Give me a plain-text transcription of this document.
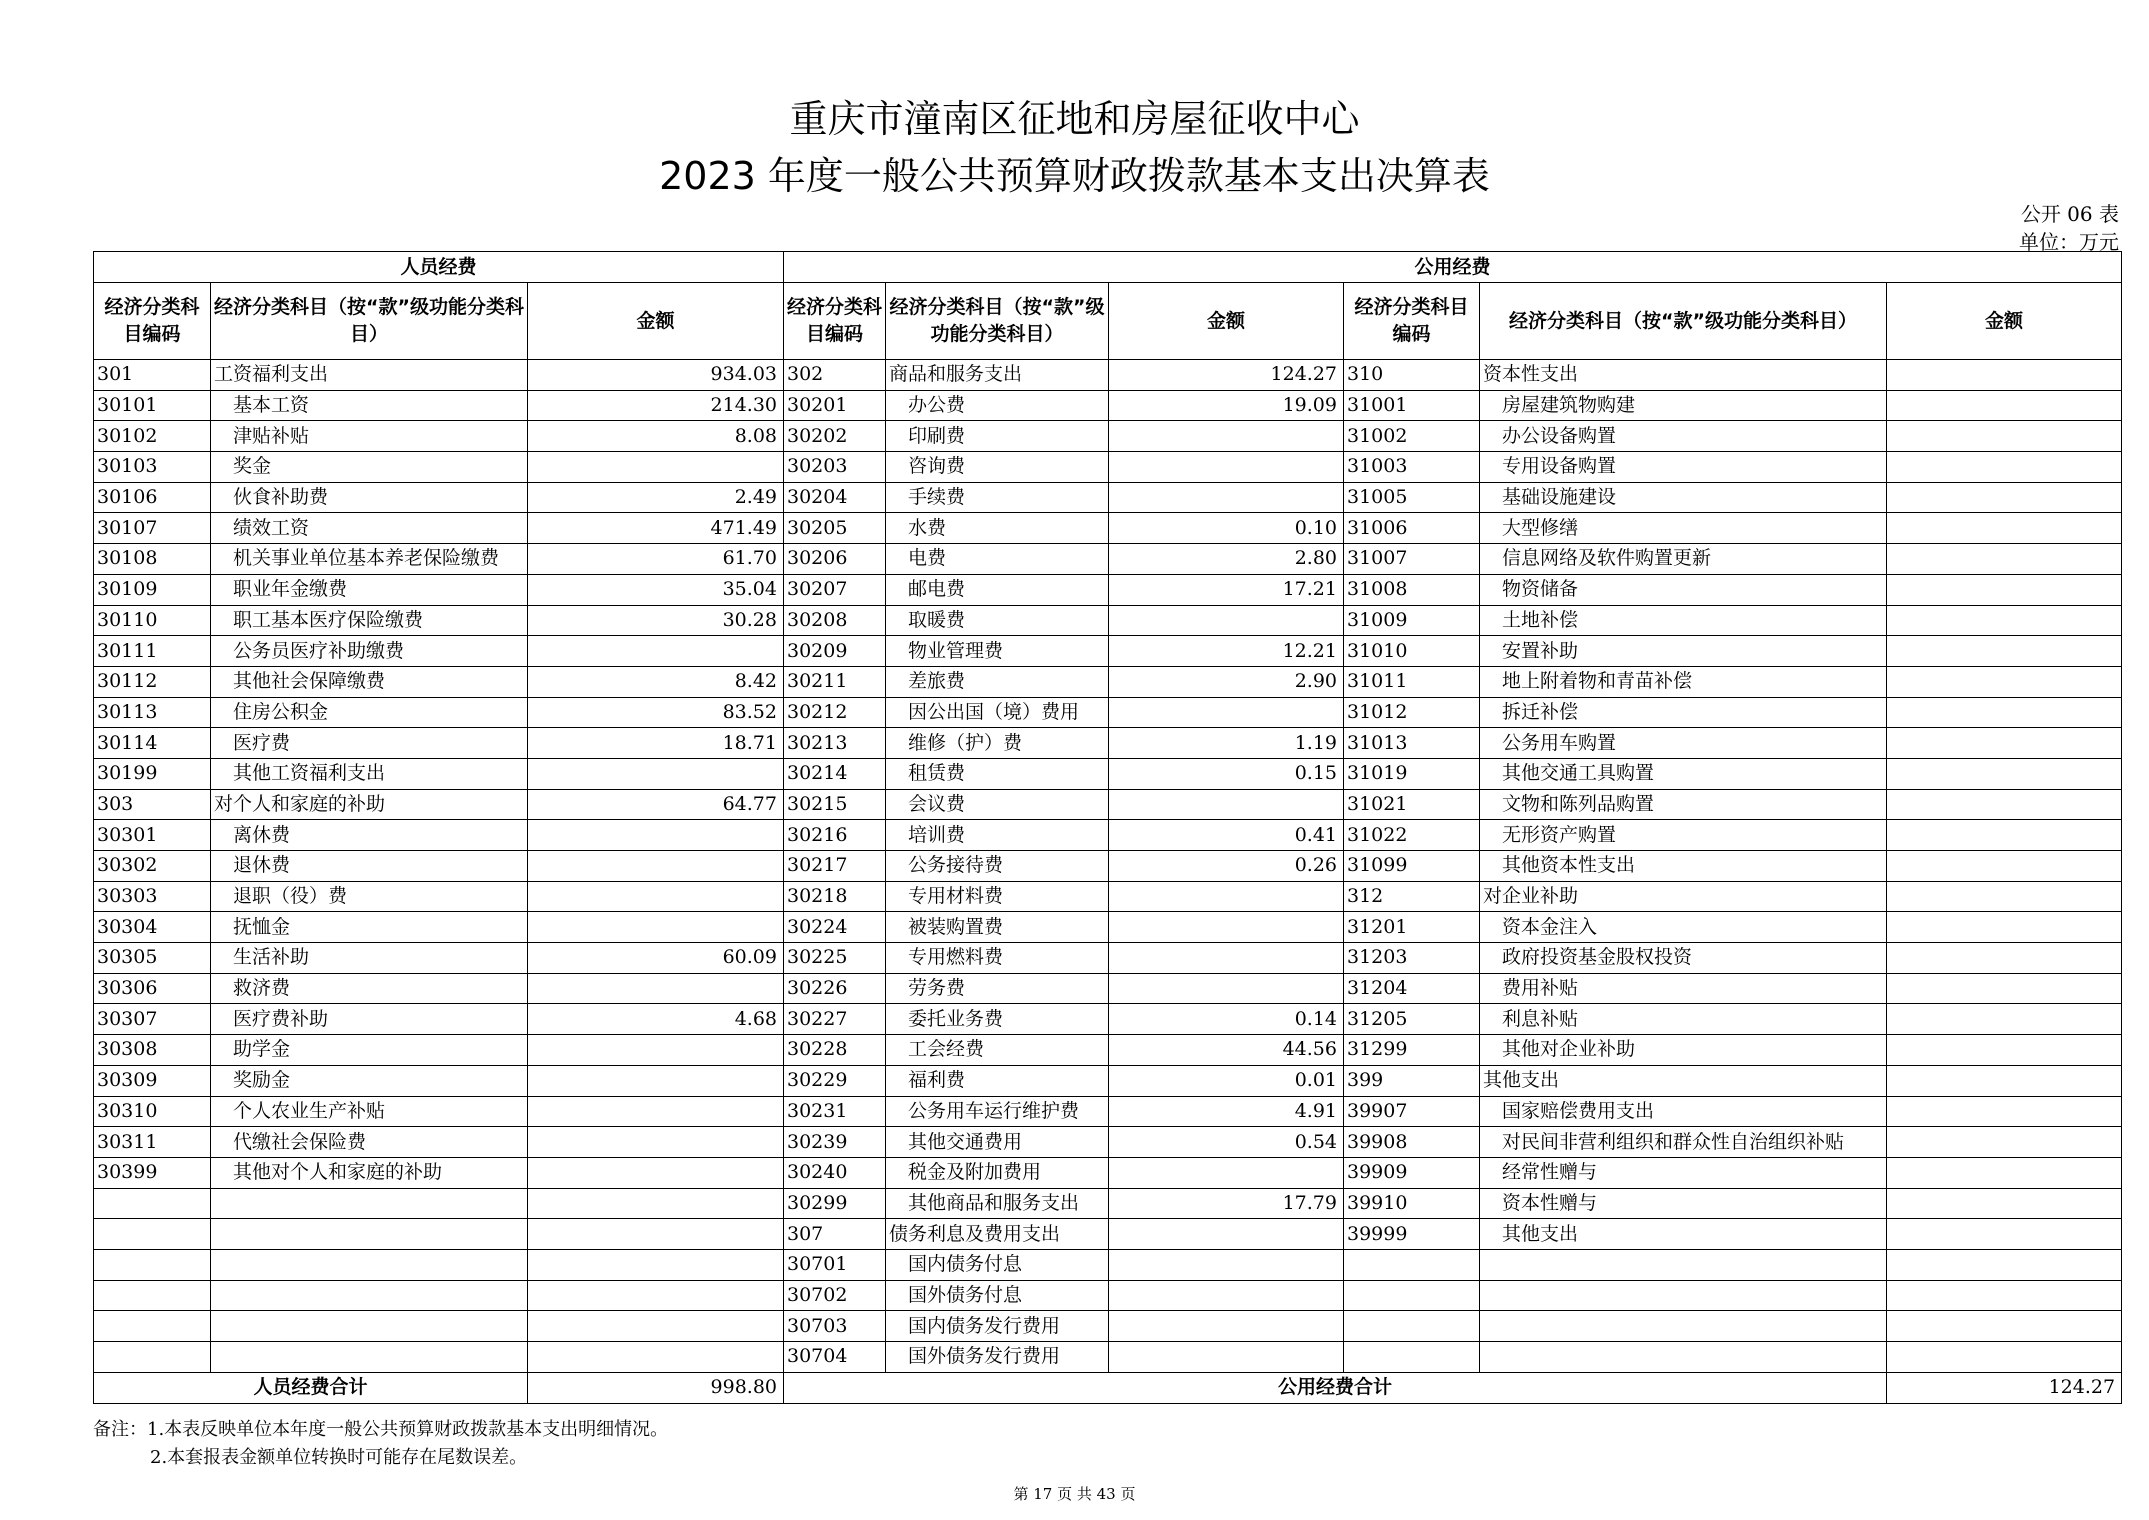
重庆市潼南区征地和房屋征收中心
2023 年度一般公共预算财政拨款基本支出决算表
公开 06 表
单位：万元
人员经费			公用经费					
经济分类科目编码	经济分类科目（按“款”级功能分类科目）	金额	经济分类科目编码	经济分类科目（按“款”级功能分类科目）	金额	经济分类科目编码	经济分类科目（按“款”级功能分类科目）	金额
301	工资福利支出	934.03	302	商品和服务支出	124.27	310	资本性支出	
30101	基本工资	214.30	30201	办公费	19.09	31001	房屋建筑物购建	
30102	津贴补贴	8.08	30202	印刷费		31002	办公设备购置	
30103	奖金		30203	咨询费		31003	专用设备购置	
30106	伙食补助费	2.49	30204	手续费		31005	基础设施建设	
30107	绩效工资	471.49	30205	水费	0.10	31006	大型修缮	
30108	机关事业单位基本养老保险缴费	61.70	30206	电费	2.80	31007	信息网络及软件购置更新	
30109	职业年金缴费	35.04	30207	邮电费	17.21	31008	物资储备	
30110	职工基本医疗保险缴费	30.28	30208	取暖费		31009	土地补偿	
30111	公务员医疗补助缴费		30209	物业管理费	12.21	31010	安置补助	
30112	其他社会保障缴费	8.42	30211	差旅费	2.90	31011	地上附着物和青苗补偿	
30113	住房公积金	83.52	30212	因公出国（境）费用		31012	拆迁补偿	
30114	医疗费	18.71	30213	维修（护）费	1.19	31013	公务用车购置	
30199	其他工资福利支出		30214	租赁费	0.15	31019	其他交通工具购置	
303	对个人和家庭的补助	64.77	30215	会议费		31021	文物和陈列品购置	
30301	离休费		30216	培训费	0.41	31022	无形资产购置	
30302	退休费		30217	公务接待费	0.26	31099	其他资本性支出	
30303	退职（役）费		30218	专用材料费		312	对企业补助	
30304	抚恤金		30224	被装购置费		31201	资本金注入	
30305	生活补助	60.09	30225	专用燃料费		31203	政府投资基金股权投资	
30306	救济费		30226	劳务费		31204	费用补贴	
30307	医疗费补助	4.68	30227	委托业务费	0.14	31205	利息补贴	
30308	助学金		30228	工会经费	44.56	31299	其他对企业补助	
30309	奖励金		30229	福利费	0.01	399	其他支出	
30310	个人农业生产补贴		30231	公务用车运行维护费	4.91	39907	国家赔偿费用支出	
30311	代缴社会保险费		30239	其他交通费用	0.54	39908	对民间非营利组织和群众性自治组织补贴	
30399	其他对个人和家庭的补助		30240	税金及附加费用		39909	经常性赠与	
			30299	其他商品和服务支出	17.79	39910	资本性赠与	
			307	债务利息及费用支出		39999	其他支出	
			30701	国内债务付息				
			30702	国外债务付息				
			30703	国内债务发行费用				
			30704	国外债务发行费用				
人员经费合计		998.80	公用经费合计					124.27
备注：1.本表反映单位本年度一般公共预算财政拨款基本支出明细情况。
2.本套报表金额单位转换时可能存在尾数误差。
第 17 页 共 43 页
